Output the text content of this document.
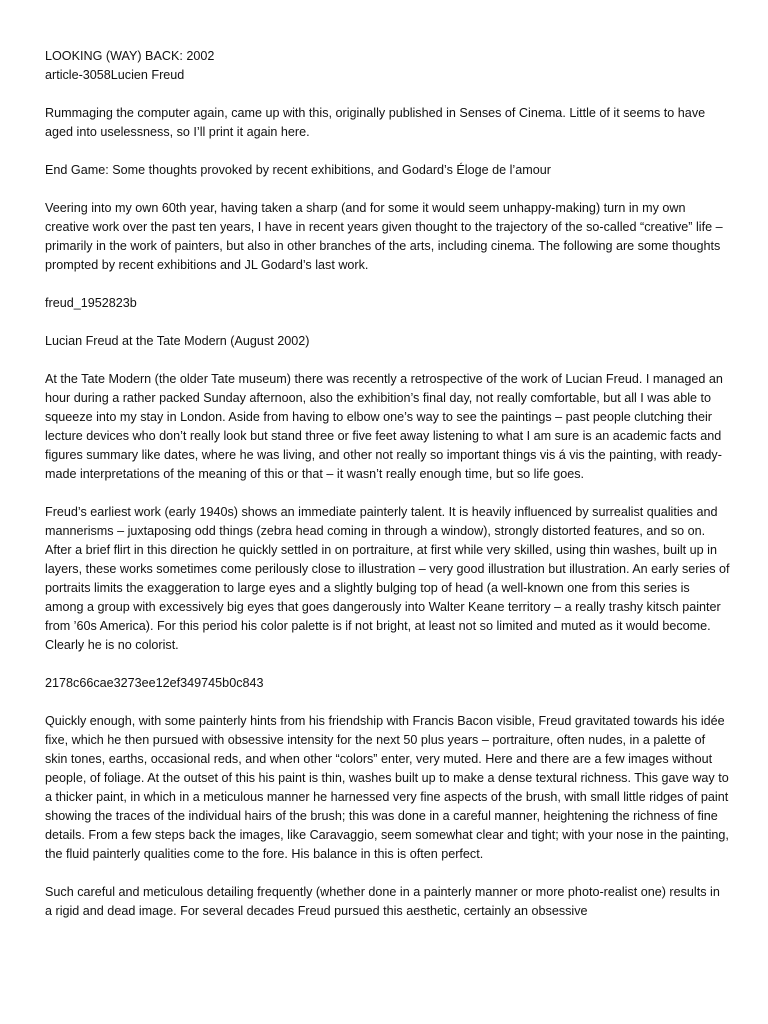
LOOKING (WAY) BACK: 2002

article-3058Lucien Freud

Rummaging the computer again, came up with this, originally published in Senses of Cinema. Little of it seems to have aged into uselessness, so I’ll print it again here.

End Game: Some thoughts provoked by recent exhibitions, and Godard’s Éloge de l’amour

Veering into my own 60th year, having taken a sharp (and for some it would seem unhappy-making) turn in my own creative work over the past ten years, I have in recent years given thought to the trajectory of the so-called “creative” life – primarily in the work of painters, but also in other branches of the arts, including cinema. The following are some thoughts prompted by recent exhibitions and JL Godard’s last work.

freud_1952823b

Lucian Freud at the Tate Modern (August 2002)

At the Tate Modern (the older Tate museum) there was recently a retrospective of the work of Lucian Freud. I managed an hour during a rather packed Sunday afternoon, also the exhibition’s final day, not really comfortable, but all I was able to squeeze into my stay in London. Aside from having to elbow one’s way to see the paintings – past people clutching their lecture devices who don’t really look but stand three or five feet away listening to what I am sure is an academic facts and figures summary like dates, where he was living, and other not really so important things vis á vis the painting, with ready-made interpretations of the meaning of this or that – it wasn’t really enough time, but so life goes.

Freud’s earliest work (early 1940s) shows an immediate painterly talent. It is heavily influenced by surrealist qualities and mannerisms – juxtaposing odd things (zebra head coming in through a window), strongly distorted features, and so on. After a brief flirt in this direction he quickly settled in on portraiture, at first while very skilled, using thin washes, built up in layers, these works sometimes come perilously close to illustration – very good illustration but illustration. An early series of portraits limits the exaggeration to large eyes and a slightly bulging top of head (a well-known one from this series is among a group with excessively big eyes that goes dangerously into Walter Keane territory – a really trashy kitsch painter from ’60s America). For this period his color palette is if not bright, at least not so limited and muted as it would become. Clearly he is no colorist.

2178c66cae3273ee12ef349745b0c843

Quickly enough, with some painterly hints from his friendship with Francis Bacon visible, Freud gravitated towards his idée fixe, which he then pursued with obsessive intensity for the next 50 plus years – portraiture, often nudes, in a palette of skin tones, earths, occasional reds, and when other “colors” enter, very muted. Here and there are a few images without people, of foliage. At the outset of this his paint is thin, washes built up to make a dense textural richness. This gave way to a thicker paint, in which in a meticulous manner he harnessed very fine aspects of the brush, with small little ridges of paint showing the traces of the individual hairs of the brush; this was done in a careful manner, heightening the richness of fine details. From a few steps back the images, like Caravaggio, seem somewhat clear and tight; with your nose in the painting, the fluid painterly qualities come to the fore. His balance in this is often perfect.

Such careful and meticulous detailing frequently (whether done in a painterly manner or more photo-realist one) results in a rigid and dead image. For several decades Freud pursued this aesthetic, certainly an obsessive
